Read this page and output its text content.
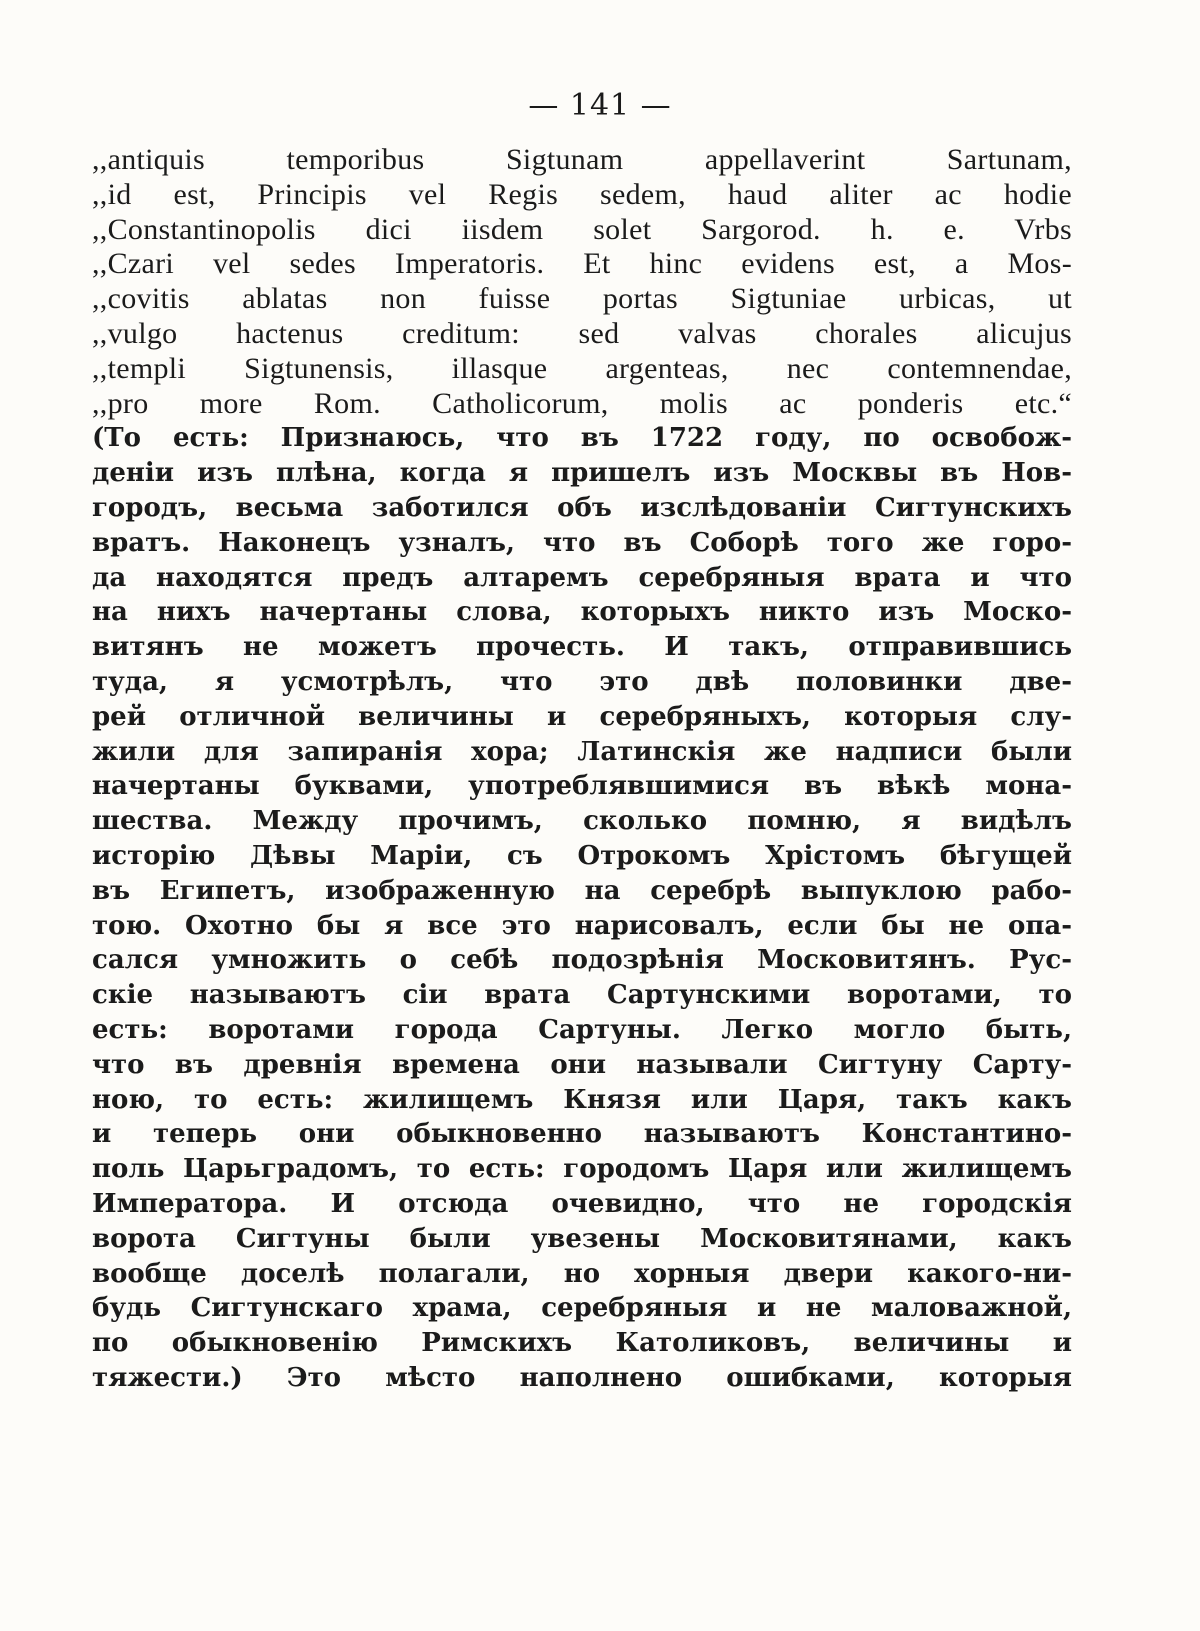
— 141 —
,,antiquis temporibus Sigtunam appellaverint Sartunam,
,,id est, Principis vel Regis sedem, haud aliter ac hodie
,,Constantinopolis dici iisdem solet Sargorod. h. e. Vrbs
,,Czari vel sedes Imperatoris. Et hinc evidens est, a Mos-
,,covitis ablatas non fuisse portas Sigtuniae urbicas, ut
,,vulgo hactenus creditum: sed valvas chorales alicujus
,,templi Sigtunensis, illasque argenteas, nec contemnendae,
,,pro more Rom. Catholicorum, molis ac ponderis etc.“
(То есть: Признаюсь, что въ 1722 году, по освобож-
деніи изъ плѣна, когда я пришелъ изъ Москвы въ Нов-
городъ, весьма заботился объ изслѣдованіи Сигтунскихъ
вратъ. Наконецъ узналъ, что въ Соборѣ того же горо-
да находятся предъ алтаремъ серебряныя врата и что
на нихъ начертаны слова, которыхъ никто изъ Моско-
витянъ не можетъ прочесть. И такъ, отправившись
туда, я усмотрѣлъ, что это двѣ половинки две-
рей отличной величины и серебряныхъ, которыя слу-
жили для запиранія хора; Латинскія же надписи были
начертаны буквами, употреблявшимися въ вѣкѣ мона-
шества. Между прочимъ, сколько помню, я видѣлъ
исторію Дѣвы Маріи, съ Отрокомъ Хрістомъ бѣгущей
въ Египетъ, изображенную на серебрѣ выпуклою рабо-
тою. Охотно бы я все это нарисовалъ, если бы не опа-
сался умножить о себѣ подозрѣнія Московитянъ. Рус-
скіе называютъ сіи врата Сартунскими воротами, то
есть: воротами города Сартуны. Легко могло быть,
что въ древнія времена они называли Сигтуну Сарту-
ною, то есть: жилищемъ Князя или Царя, такъ какъ
и теперь они обыкновенно называютъ Константино-
поль Царьградомъ, то есть: городомъ Царя или жилищемъ
Императора. И отсюда очевидно, что не городскія
ворота Сигтуны были увезены Московитянами, какъ
вообще доселѣ полагали, но хорныя двери какого-ни-
будь Сигтунскаго храма, серебряныя и не маловажной,
по обыкновенію Римскихъ Католиковъ, величины и
тяжести.) Это мѣсто наполнено ошибками, которыя
